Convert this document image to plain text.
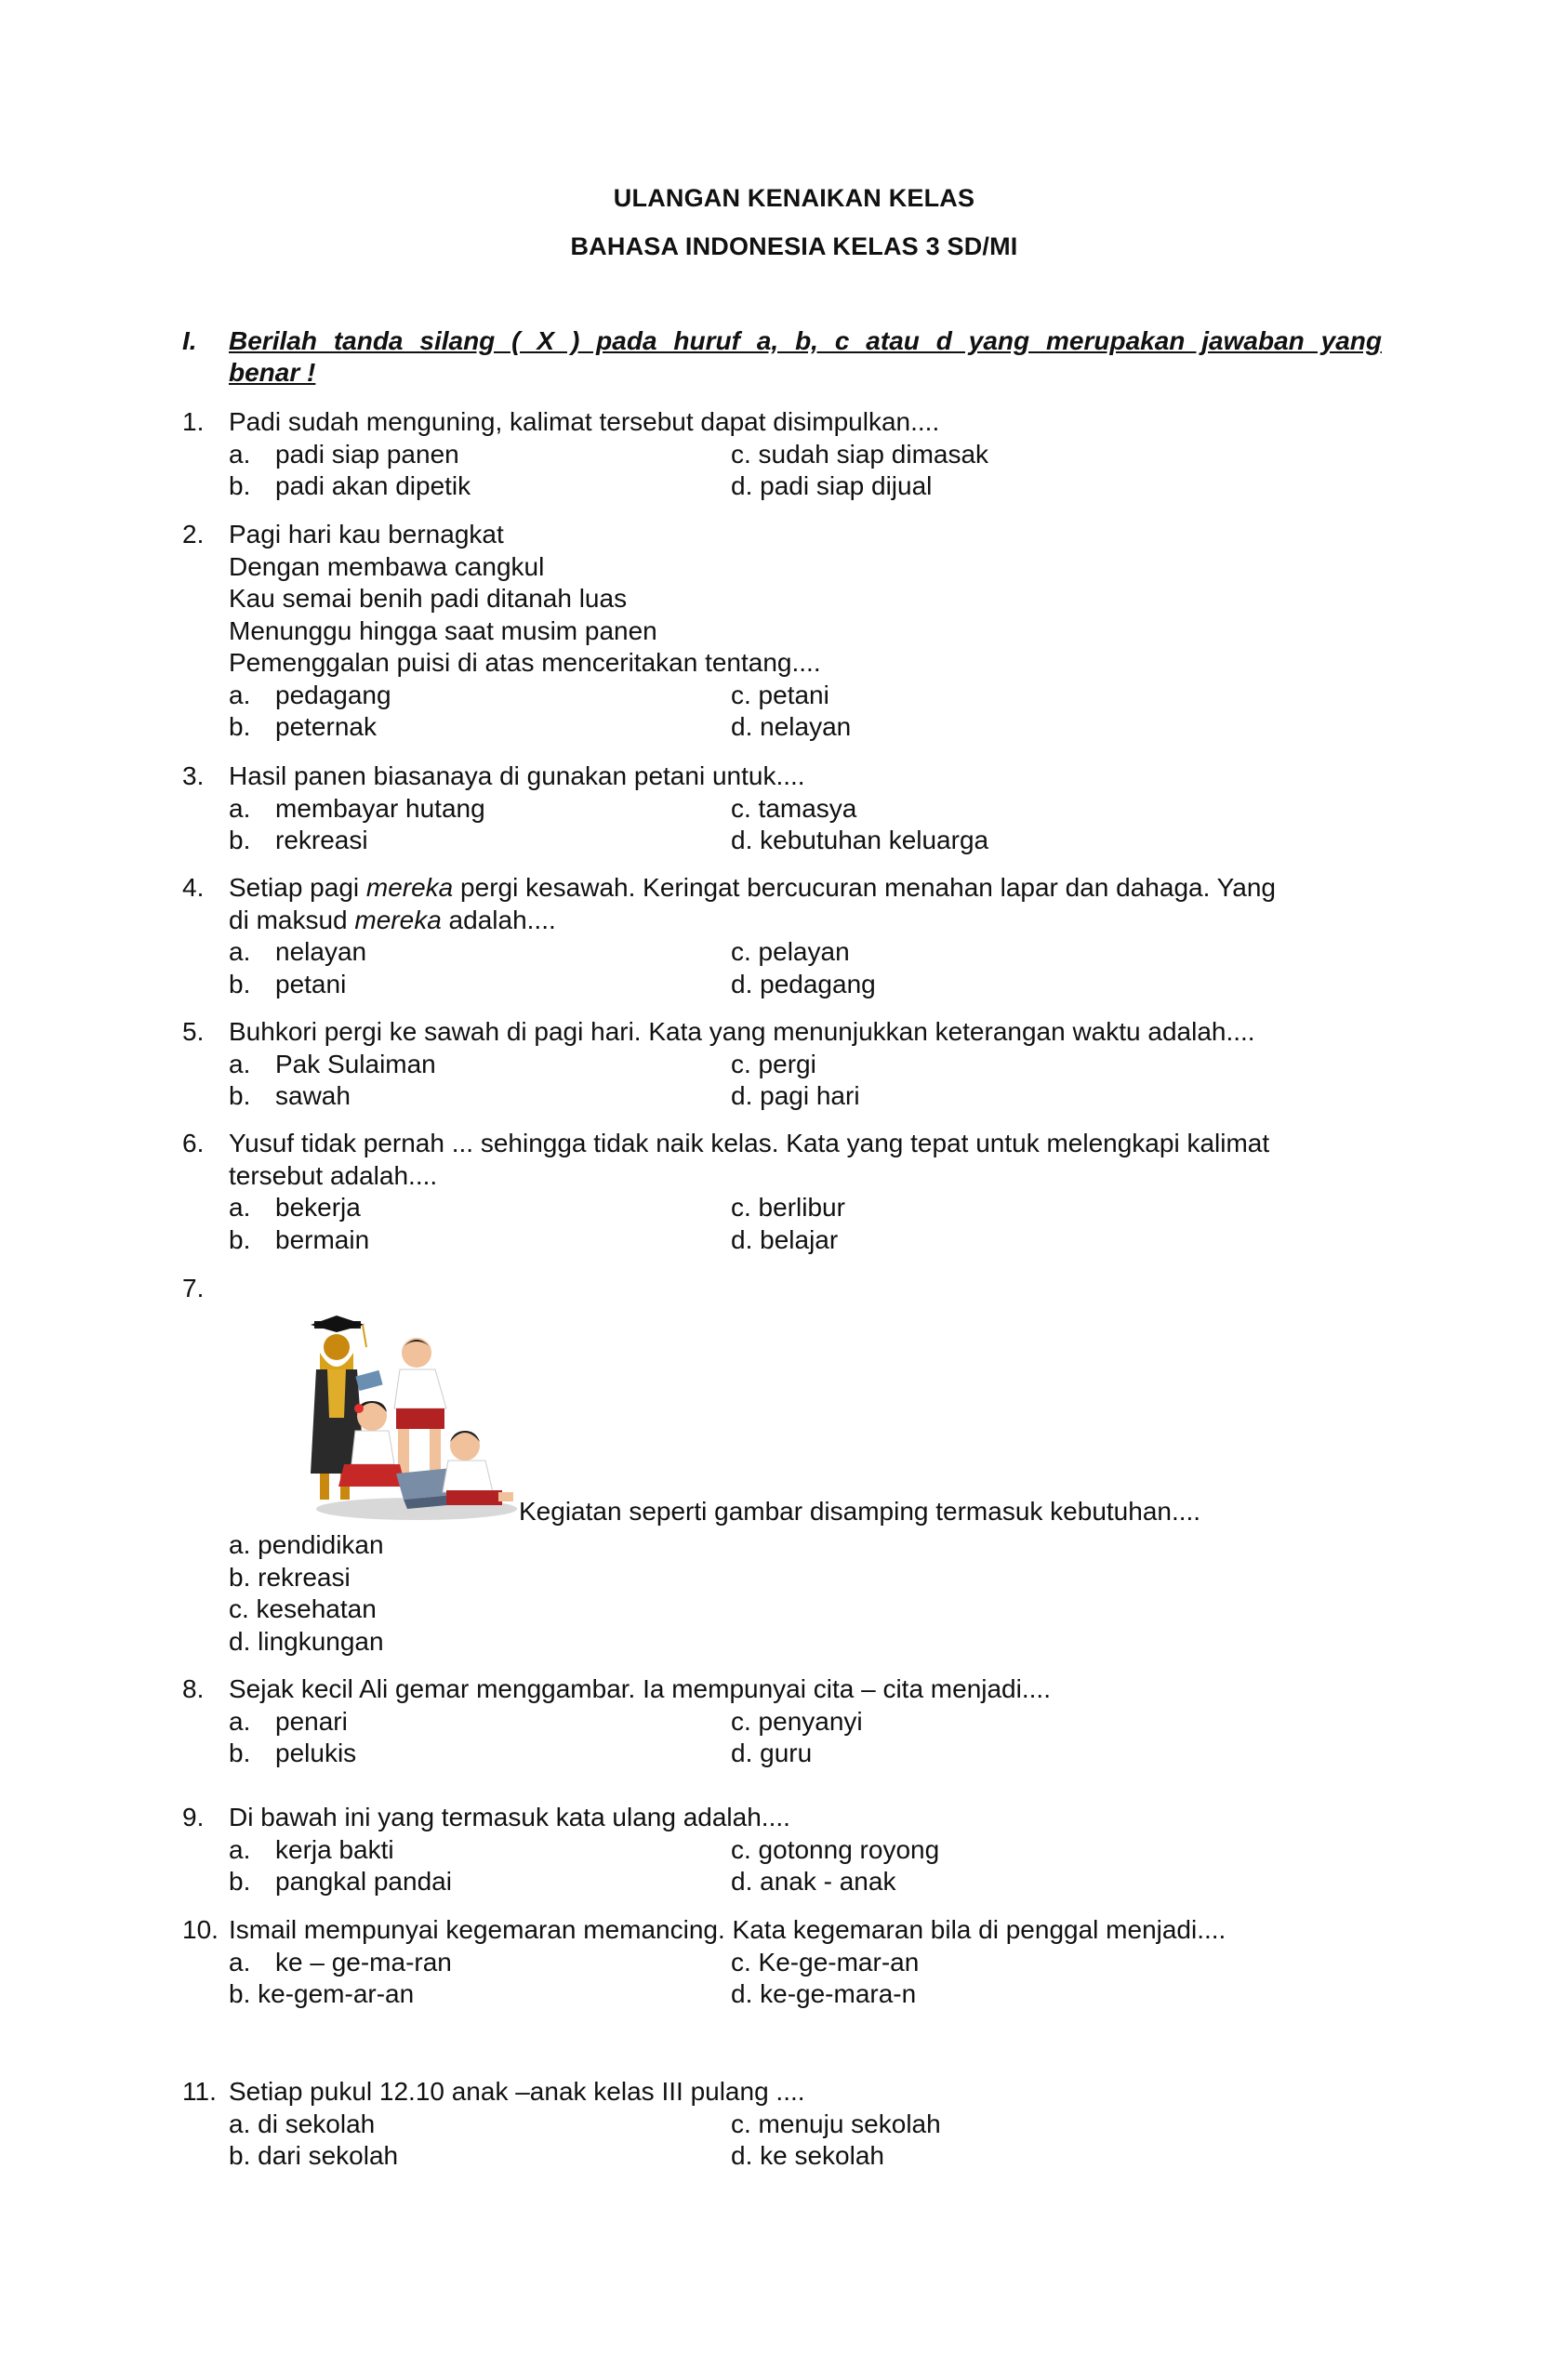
ULANGAN KENAIKAN KELAS
BAHASA INDONESIA KELAS 3 SD/MI
I. Berilah tanda silang ( X ) pada huruf a, b, c atau d yang merupakan jawaban yang
benar !
1. Padi sudah menguning, kalimat tersebut dapat disimpulkan....
a. padi siap panen
b. padi akan dipetik
c. sudah siap dimasak
d. padi siap dijual
2. Pagi hari kau bernagkat
Dengan membawa cangkul
Kau semai benih padi ditanah luas
Menunggu hingga saat musim panen
Pemenggalan puisi di atas menceritakan tentang....
a. pedagang
b. peternak
c. petani
d. nelayan
3. Hasil panen biasanaya di gunakan petani untuk....
a. membayar hutang
b. rekreasi
c. tamasya
d. kebutuhan keluarga
4. Setiap pagi mereka pergi kesawah. Keringat bercucuran menahan lapar dan dahaga. Yang
di maksud mereka adalah....
a. nelayan
b. petani
c. pelayan
d. pedagang
5. Buhkori pergi ke sawah di pagi hari. Kata yang menunjukkan keterangan waktu adalah....
a. Pak Sulaiman
b. sawah
c. pergi
d. pagi hari
6. Yusuf tidak pernah ... sehingga tidak naik kelas. Kata yang tepat untuk melengkapi kalimat
tersebut adalah....
a. bekerja
b. bermain
c. berlibur
d. belajar
7.
Kegiatan seperti gambar disamping termasuk kebutuhan....
a. pendidikan
b. rekreasi
c. kesehatan
d. lingkungan
8. Sejak kecil Ali gemar menggambar. Ia mempunyai cita – cita menjadi....
a. penari
b. pelukis
c. penyanyi
d. guru
9. Di bawah ini yang termasuk kata ulang adalah....
a. kerja bakti
b. pangkal pandai
c. gotonng royong
d. anak - anak
10. Ismail mempunyai kegemaran memancing. Kata kegemaran bila di penggal menjadi....
a. ke – ge-ma-ran
b. ke-gem-ar-an
c. Ke-ge-mar-an
d. ke-ge-mara-n
11. Setiap pukul 12.10 anak –anak kelas III pulang ....
a. di sekolah
b. dari sekolah
c. menuju sekolah
d. ke sekolah
